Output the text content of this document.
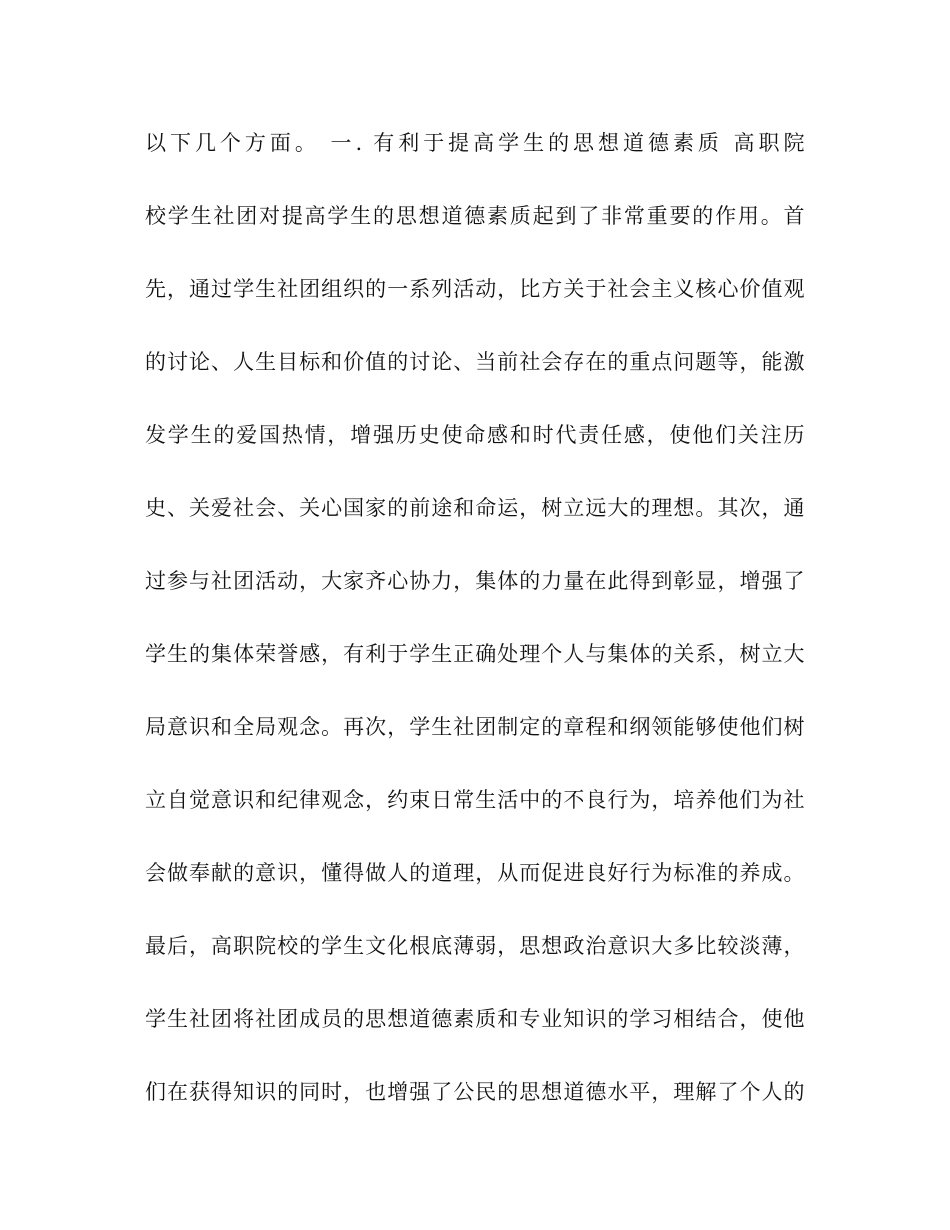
以下几个方面。 一. 有利于提高学生的思想道德素质 高职院
校学生社团对提高学生的思想道德素质起到了非常重要的作用。首
先，通过学生社团组织的一系列活动，比方关于社会主义核心价值观
的讨论、人生目标和价值的讨论、当前社会存在的重点问题等，能激
发学生的爱国热情，增强历史使命感和时代责任感，使他们关注历
史、关爱社会、关心国家的前途和命运，树立远大的理想。其次，通
过参与社团活动，大家齐心协力，集体的力量在此得到彰显，增强了
学生的集体荣誉感，有利于学生正确处理个人与集体的关系，树立大
局意识和全局观念。再次，学生社团制定的章程和纲领能够使他们树
立自觉意识和纪律观念，约束日常生活中的不良行为，培养他们为社
会做奉献的意识，懂得做人的道理，从而促进良好行为标准的养成。
最后，高职院校的学生文化根底薄弱，思想政治意识大多比较淡薄，
学生社团将社团成员的思想道德素质和专业知识的学习相结合，使他
们在获得知识的同时，也增强了公民的思想道德水平，理解了个人的
